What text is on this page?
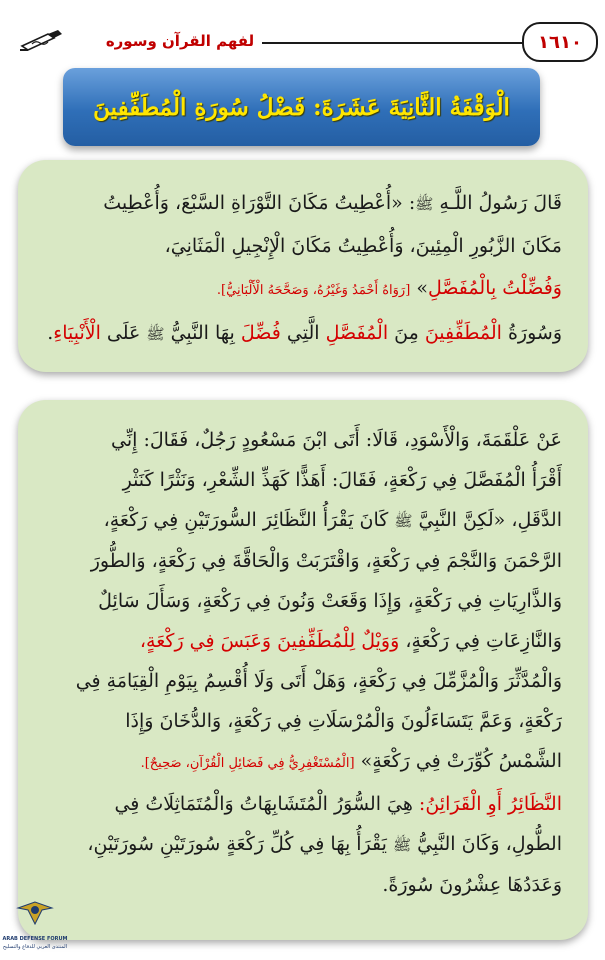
١٦١٠
لفهم القرآن وسوره
الْوَقْفَةُ الثَّانِيَةَ عَشَرَةَ: فَضْلُ سُورَةِ الْمُطَفِّفِينَ
قَالَ رَسُولُ اللَّـهِ ﷺ: «أُعْطِيتُ مَكَانَ التَّوْرَاةِ السَّبْعَ، وَأُعْطِيتُ
مَكَانَ الزَّبُورِ الْمِئِينَ، وَأُعْطِيتُ مَكَانَ الْإِنْجِيلِ الْمَثَانِيَ،
وَفُضِّلْتُ بِالْمُفَصَّلِ» [رَوَاهُ أَحْمَدُ وَغَيْرُهُ، وَصَحَّحَهُ الْأَلْبَانِيُّ].
وَسُورَةُ الْمُطَفِّفِينَ مِنَ الْمُفَصَّلِ الَّتِي فُضِّلَ بِهَا النَّبِيُّ ﷺ عَلَى الْأَنْبِيَاءِ.
عَنْ عَلْقَمَةَ، وَالْأَسْوَدِ، قَالَا: أَتَى ابْنَ مَسْعُودٍ رَجُلٌ، فَقَالَ: إِنِّي
أَقْرَأُ الْمُفَصَّلَ فِي رَكْعَةٍ، فَقَالَ: أَهَذًّا كَهَذِّ الشِّعْرِ، وَنَثْرًا كَنَثْرِ
الدَّقَلِ، «لَكِنَّ النَّبِيَّ ﷺ كَانَ يَقْرَأُ النَّظَائِرَ السُّورَتَيْنِ فِي رَكْعَةٍ،
الرَّحْمَنَ وَالنَّجْمَ فِي رَكْعَةٍ، وَاقْتَرَبَتْ وَالْحَاقَّةَ فِي رَكْعَةٍ، وَالطُّورَ
وَالذَّارِيَاتِ فِي رَكْعَةٍ، وَإِذَا وَقَعَتْ وَنُونَ فِي رَكْعَةٍ، وَسَأَلَ سَائِلٌ
وَالنَّازِعَاتِ فِي رَكْعَةٍ، وَوَيْلٌ لِلْمُطَفِّفِينَ وَعَبَسَ فِي رَكْعَةٍ،
وَالْمُدَّثِّرَ وَالْمُزَّمِّلَ فِي رَكْعَةٍ، وَهَلْ أَتَى وَلَا أُقْسِمُ بِيَوْمِ الْقِيَامَةِ فِي
رَكْعَةٍ، وَعَمَّ يَتَسَاءَلُونَ وَالْمُرْسَلَاتِ فِي رَكْعَةٍ، وَالدُّخَانَ وَإِذَا
الشَّمْسُ كُوِّرَتْ فِي رَكْعَةٍ» [الْمُسْتَغْفِرِيُّ فِي فَضَائِلِ الْقُرْآنِ، صَحِيحٌ].
النَّظَائِرُ أَوِ الْقَرَائِنُ: هِيَ السُّوَرُ الْمُتَشَابِهَاتُ وَالْمُتَمَاثِلَاتُ فِي
الطُّولِ، وَكَانَ النَّبِيُّ ﷺ يَقْرَأُ بِهَا فِي كُلِّ رَكْعَةٍ سُورَتَيْنِ سُورَتَيْنِ،
وَعَدَدُهَا عِشْرُونَ سُورَةً.
ARAB DEFENSE FORUM
المنتدى العربي للدفاع والتسليح
